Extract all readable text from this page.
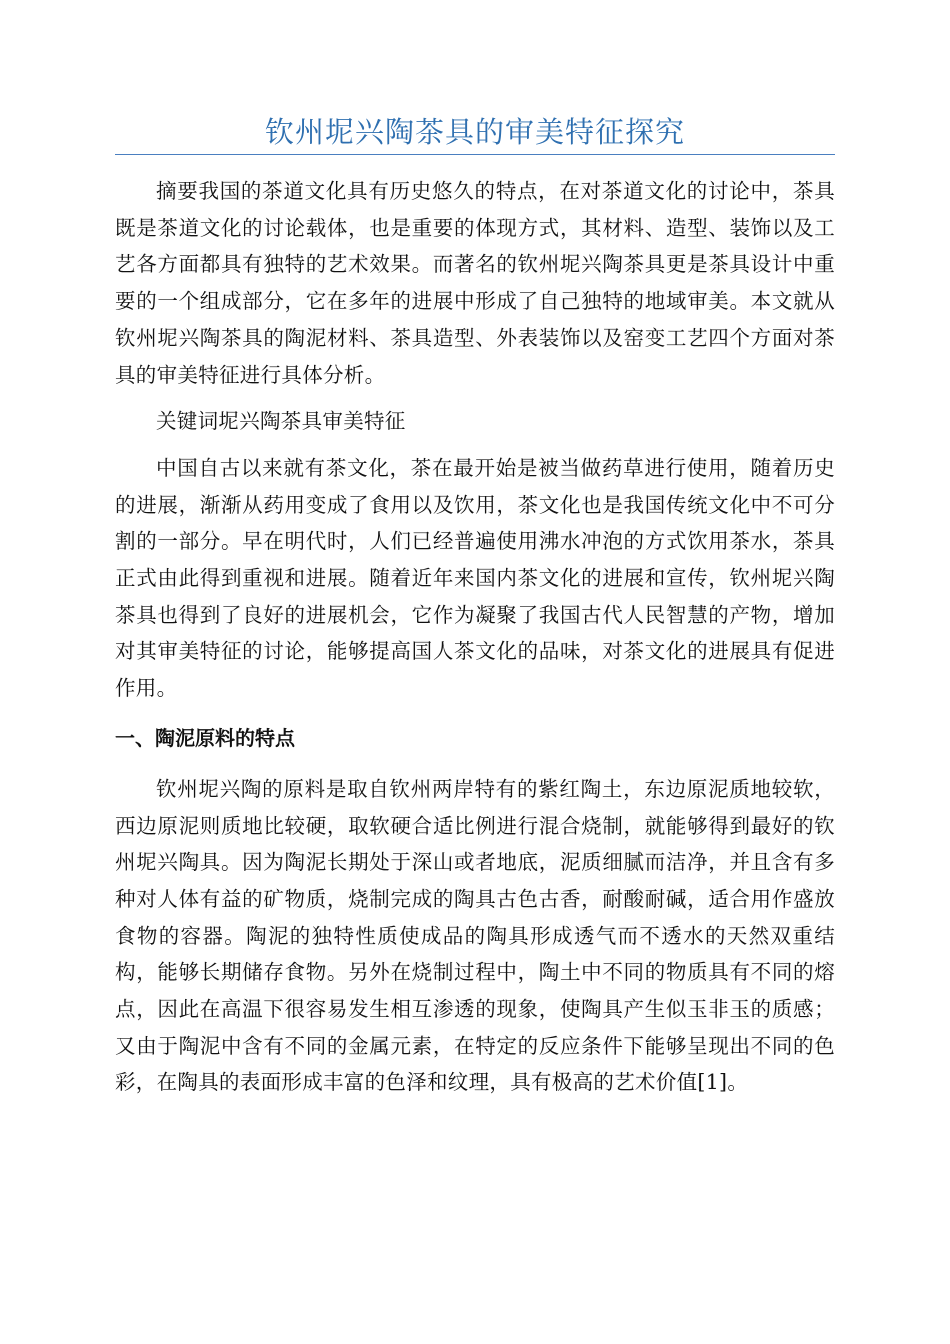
钦州坭兴陶茶具的审美特征探究

摘要我国的茶道文化具有历史悠久的特点，在对茶道文化的讨论中，茶具既是茶道文化的讨论载体，也是重要的体现方式，其材料、造型、装饰以及工艺各方面都具有独特的艺术效果。而著名的钦州坭兴陶茶具更是茶具设计中重要的一个组成部分，它在多年的进展中形成了自己独特的地域审美。本文就从钦州坭兴陶茶具的陶泥材料、茶具造型、外表装饰以及窑变工艺四个方面对茶具的审美特征进行具体分析。

关键词坭兴陶茶具审美特征

中国自古以来就有茶文化，茶在最开始是被当做药草进行使用，随着历史的进展，渐渐从药用变成了食用以及饮用，茶文化也是我国传统文化中不可分割的一部分。早在明代时，人们已经普遍使用沸水冲泡的方式饮用茶水，茶具正式由此得到重视和进展。随着近年来国内茶文化的进展和宣传，钦州坭兴陶茶具也得到了良好的进展机会，它作为凝聚了我国古代人民智慧的产物，增加对其审美特征的讨论，能够提高国人茶文化的品味，对茶文化的进展具有促进作用。

一、陶泥原料的特点

钦州坭兴陶的原料是取自钦州两岸特有的紫红陶土，东边原泥质地较软，西边原泥则质地比较硬，取软硬合适比例进行混合烧制，就能够得到最好的钦州坭兴陶具。因为陶泥长期处于深山或者地底，泥质细腻而洁净，并且含有多种对人体有益的矿物质，烧制完成的陶具古色古香，耐酸耐碱，适合用作盛放食物的容器。陶泥的独特性质使成品的陶具形成透气而不透水的天然双重结构，能够长期储存食物。另外在烧制过程中，陶土中不同的物质具有不同的熔点，因此在高温下很容易发生相互渗透的现象，使陶具产生似玉非玉的质感；又由于陶泥中含有不同的金属元素，在特定的反应条件下能够呈现出不同的色彩，在陶具的表面形成丰富的色泽和纹理，具有极高的艺术价值[1]。
